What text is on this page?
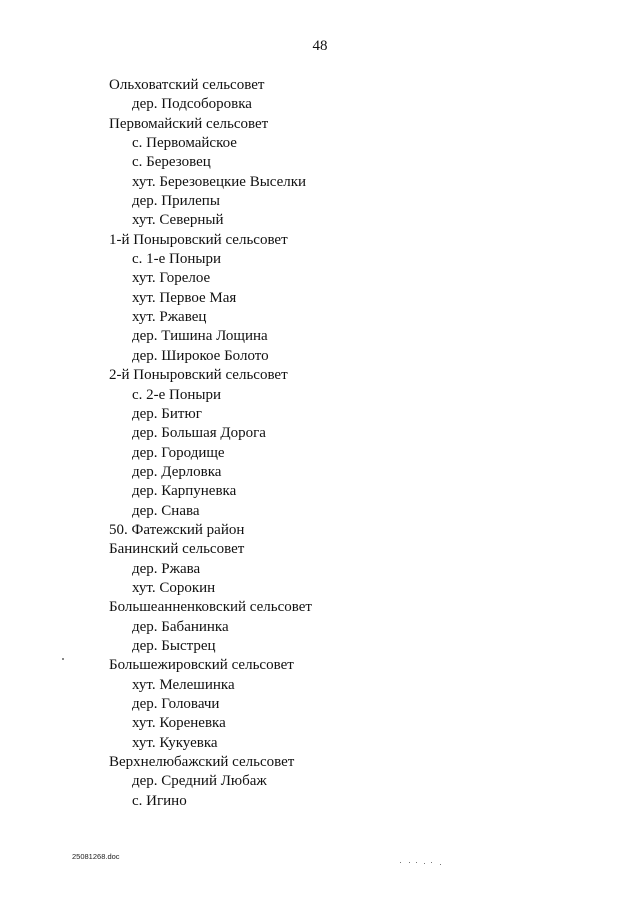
48
Ольховатский сельсовет
дер. Подсоборовка
Первомайский сельсовет
с. Первомайское
с. Березовец
хут. Березовецкие Выселки
дер. Прилепы
хут. Северный
1-й Поныровский сельсовет
с. 1-е Поныри
хут. Горелое
хут. Первое Мая
хут. Ржавец
дер. Тишина Лощина
дер. Широкое Болото
2-й Поныровский сельсовет
с. 2-е Поныри
дер. Битюг
дер. Большая Дорога
дер. Городище
дер. Дерловка
дер. Карпуневка
дер. Снава
50. Фатежский район
Банинский сельсовет
дер. Ржава
хут. Сорокин
Большеанненковский сельсовет
дер. Бабанинка
дер. Быстрец
Большежировский сельсовет
хут. Мелешинка
дер. Головачи
хут. Кореневка
хут. Кукуевка
Верхнелюбажский сельсовет
дер. Средний Любаж
с. Игино
25081268.doc
